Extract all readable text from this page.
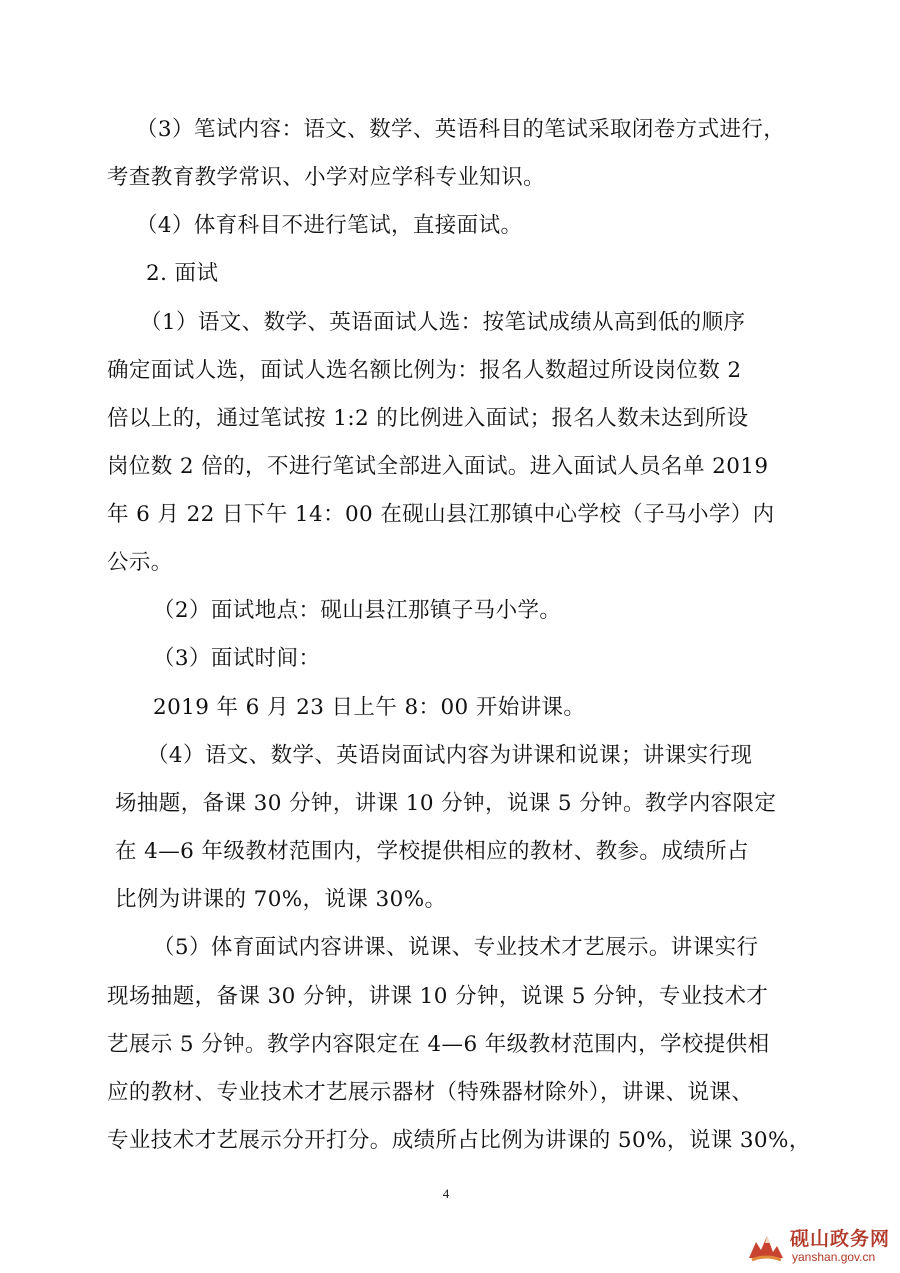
（3）笔试内容：语文、数学、英语科目的笔试采取闭卷方式进行，
考查教育教学常识、小学对应学科专业知识。
（4）体育科目不进行笔试，直接面试。
2. 面试
（1）语文、数学、英语面试人选：按笔试成绩从高到低的顺序
确定面试人选，面试人选名额比例为：报名人数超过所设岗位数 2
倍以上的，通过笔试按 1:2 的比例进入面试；报名人数未达到所设
岗位数 2 倍的，不进行笔试全部进入面试。进入面试人员名单 2019
年 6 月 22 日下午 14：00 在砚山县江那镇中心学校（子马小学）内
公示。
（2）面试地点：砚山县江那镇子马小学。
（3）面试时间：
2019 年 6 月 23 日上午 8：00 开始讲课。
（4）语文、数学、英语岗面试内容为讲课和说课；讲课实行现
场抽题，备课 30 分钟，讲课 10 分钟，说课 5 分钟。教学内容限定
在 4—6 年级教材范围内，学校提供相应的教材、教参。成绩所占
比例为讲课的 70%，说课 30%。
（5）体育面试内容讲课、说课、专业技术才艺展示。讲课实行
现场抽题，备课 30 分钟，讲课 10 分钟，说课 5 分钟，专业技术才
艺展示 5 分钟。教学内容限定在 4—6 年级教材范围内，学校提供相
应的教材、专业技术才艺展示器材（特殊器材除外），讲课、说课、
专业技术才艺展示分开打分。成绩所占比例为讲课的 50%，说课 30%，
4
砚山政务网
yanshan.gov.cn
